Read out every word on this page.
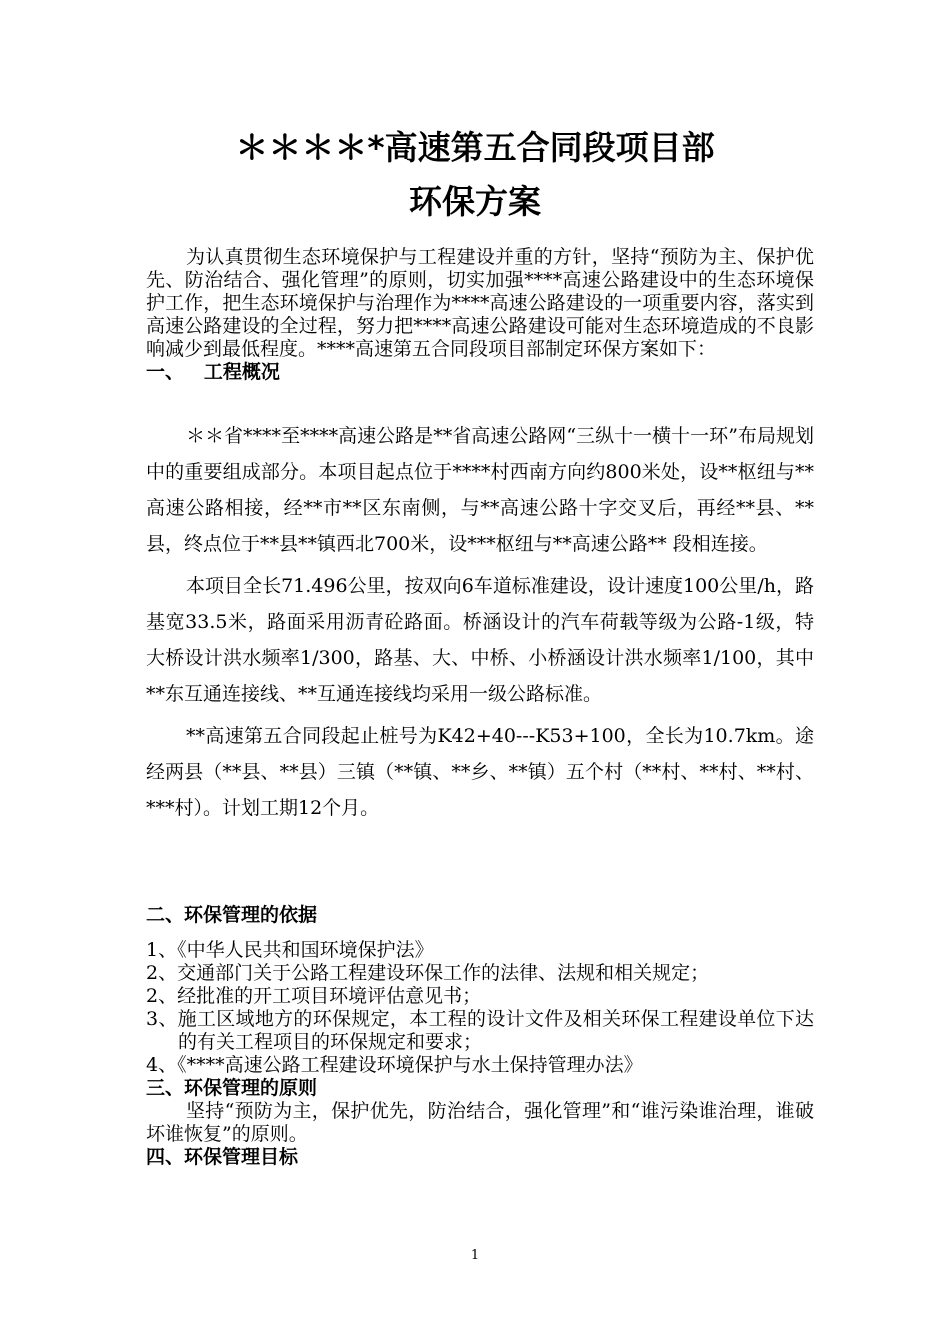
＊＊＊＊*高速第五合同段项目部
环保方案
为认真贯彻生态环境保护与工程建设并重的方针，坚持“预防为主、保护优先、防治结合、强化管理”的原则，切实加强****高速公路建设中的生态环境保护工作，把生态环境保护与治理作为****高速公路建设的一项重要内容，落实到高速公路建设的全过程，努力把****高速公路建设可能对生态环境造成的不良影响减少到最低程度。****高速第五合同段项目部制定环保方案如下：
一、   工程概况
＊＊省****至****高速公路是**省高速公路网“三纵十一横十一环”布局规划中的重要组成部分。本项目起点位于****村西南方向约800米处，设**枢纽与**高速公路相接，经**市**区东南侧，与**高速公路十字交叉后，再经**县、**县，终点位于**县**镇西北700米，设***枢纽与**高速公路** 段相连接。
本项目全长71.496公里，按双向6车道标准建设，设计速度100公里/h，路基宽33.5米，路面采用沥青砼路面。桥涵设计的汽车荷载等级为公路-1级，特大桥设计洪水频率1/300，路基、大、中桥、小桥涵设计洪水频率1/100，其中**东互通连接线、**互通连接线均采用一级公路标准。
**高速第五合同段起止桩号为K42+40---K53+100，全长为10.7km。途经两县（**县、**县）三镇（**镇、**乡、**镇）五个村（**村、**村、**村、***村）。计划工期12个月。
二、环保管理的依据
1、《中华人民共和国环境保护法》
2、交通部门关于公路工程建设环保工作的法律、法规和相关规定；
2、经批准的开工项目环境评估意见书；
3、施工区域地方的环保规定，本工程的设计文件及相关环保工程建设单位下达的有关工程项目的环保规定和要求；
4、《****高速公路工程建设环境保护与水土保持管理办法》
三、环保管理的原则
坚持“预防为主，保护优先，防治结合，强化管理”和“谁污染谁治理，谁破坏谁恢复”的原则。
四、环保管理目标
1
